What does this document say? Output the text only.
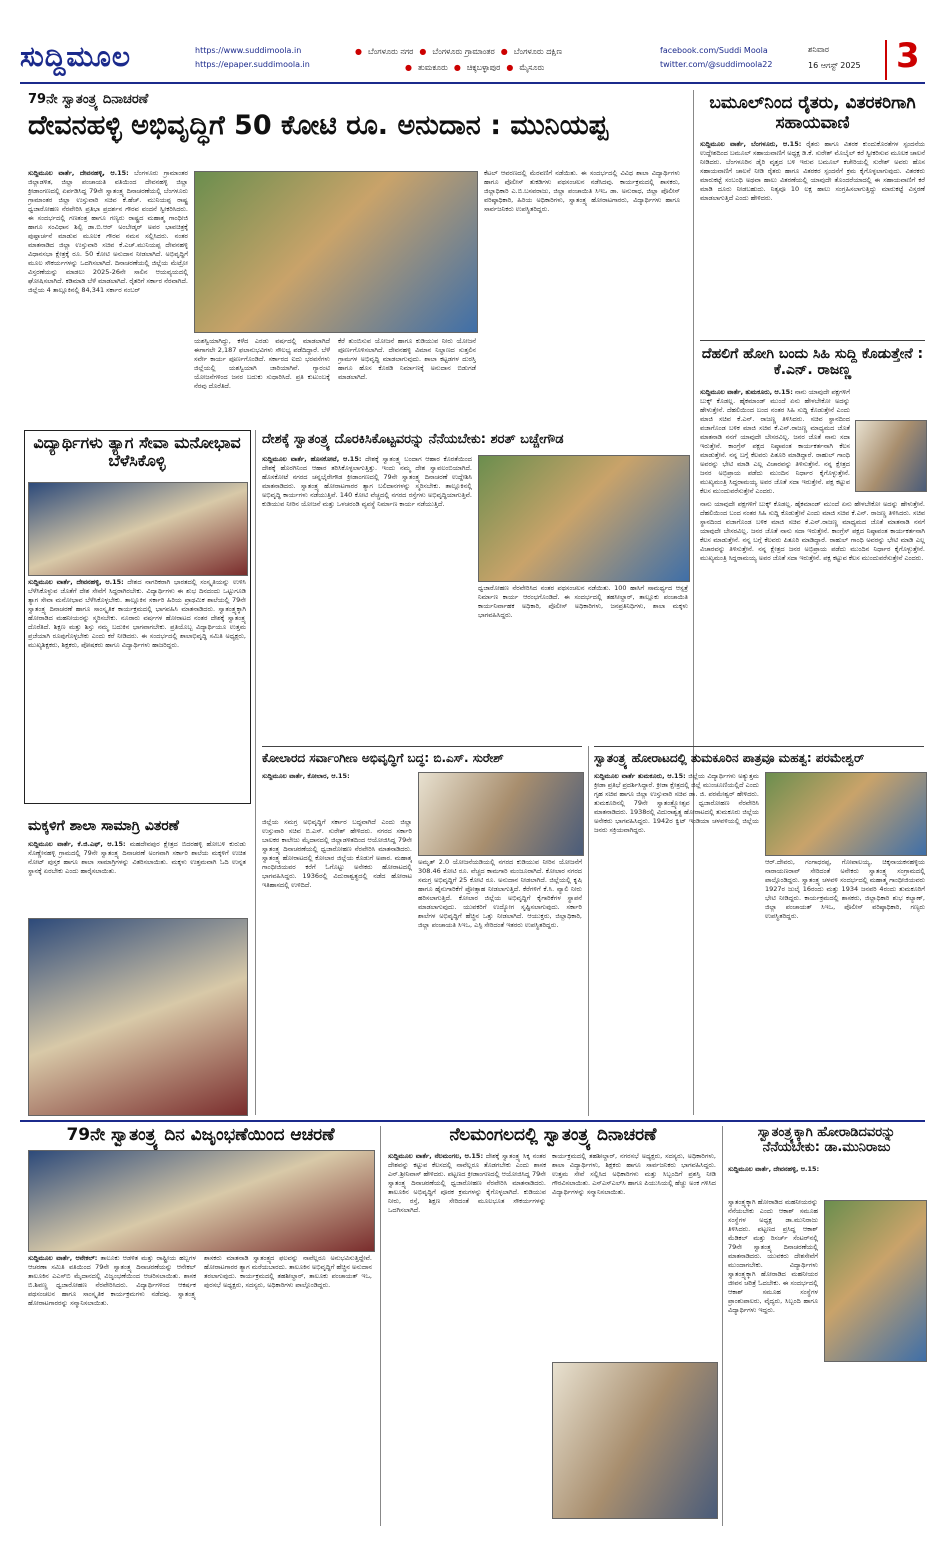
ಸುದ್ದಿಮೂಲ	https://www.suddimoola.in
https://epaper.suddimoola.in
● ಬೆಂಗಳೂರು ನಗರ ● ಬೆಂಗಳೂರು ಗ್ರಾಮಾಂತರ ● ಬೆಂಗಳೂರು ದಕ್ಷಿಣ
● ತುಮಕೂರು ● ಚಿಕ್ಕಬಳ್ಳಾಪುರ ● ಮೈಸೂರು
facebook.com/Suddi Moola
twitter.com/@suddimoola22
ಶನಿವಾರ
16 ಆಗಸ್ಟ್ 2025 3
79ನೇ ಸ್ವಾತಂತ್ರ್ಯ ದಿನಾಚರಣೆ
ದೇವನಹಳ್ಳಿ ಅಭಿವೃದ್ಧಿಗೆ 50 ಕೋಟಿ ರೂ. ಅನುದಾನ : ಮುನಿಯಪ್ಪ
ಸುದ್ದಿಮೂಲ ವಾರ್ತೆ, ದೇವನಹಳ್ಳಿ, ಆ.15: ಬೆಂಗಳೂರು ಗ್ರಾಮಾಂತರ ಜಿಲ್ಲಾಡಳಿತ, ಜಿಲ್ಲಾ ಪಂಚಾಯತಿ ವತಿಯಿಂದ ದೇವನಹಳ್ಳಿ ಜಿಲ್ಲಾ ಕ್ರೀಡಾಂಗಣದಲ್ಲಿ ಏರ್ಪಡಿಸಿದ್ದ 79ನೇ ಸ್ವಾತಂತ್ರ್ಯ ದಿನಾಚರಣೆಯಲ್ಲಿ ಬೆಂಗಳೂರು ಗ್ರಾಮಾಂತರ ಜಿಲ್ಲಾ ಉಸ್ತುವಾರಿ ಸಚಿವ ಕೆ.ಹೆಚ್. ಮುನಿಯಪ್ಪ ರಾಷ್ಟ್ರ ಧ್ವಜಾರೋಹಣ ನೆರವೇರಿಸಿ ಪ್ರತಿಭಾ ಪ್ರದರ್ಶನ ಗೌರವ ವಂದನೆ ಸ್ವೀಕರಿಸಿದರು. ಈ ಸಂದರ್ಭದಲ್ಲಿ ಗಣತಂತ್ರ ಹಾಗೂ ಗಣ್ಯರು ರಾಷ್ಟ್ರದ ಮಹಾತ್ಮ ಗಾಂಧೀಜಿ ಹಾಗೂ ಸಂವಿಧಾನ ಶಿಲ್ಪಿ ಡಾ.ಬಿ.ಆರ್ ಅಂಬೇಡ್ಕರ್ ಅವರ ಭಾವಚಿತ್ರಕ್ಕೆ ಪುಷ್ಪಾರ್ಚನೆ ಮಾಡುವ ಮೂಲಕ ಗೌರವ ನಮನ ಸಲ್ಲಿಸಿದರು. ನಂತರ ಮಾತನಾಡಿದ ಜಿಲ್ಲಾ ಉಸ್ತುವಾರಿ ಸಚಿವ ಕೆ.ಎಚ್.ಮುನಿಯಪ್ಪ ದೇವನಹಳ್ಳಿ ವಿಧಾನಸಭಾ ಕ್ಷೇತ್ರಕ್ಕೆ ರೂ. 50 ಕೋಟಿ ಅನುದಾನ ನೀಡಲಾಗಿದೆ. ಅಭಿವೃದ್ಧಿಗೆ ಮೂಲ ಸೌಕರ್ಯಗಳನ್ನು ಒದಗಿಸಲಾಗಿದೆ. ದಿನಾಚರಣೆಯಲ್ಲಿ ಜಿಲ್ಲೆಯ ಮೆಟ್ರೋ ವಿಸ್ತರಣೆಯನ್ನು ಮಾಡಲು 2025-26ನೇ ಸಾಲಿನ ಆಯವ್ಯಯದಲ್ಲಿ ಘೋಷಿಸಲಾಗಿದೆ. ಕಡಿಮಾಡಿ ಬೆಳೆ ಮಾಡಲಾಗಿದೆ. ರೈತರಿಗೆ ಸರ್ಕಾರ ನೆರವಾಗಿದೆ. ಜಿಲ್ಲೆಯ 4 ತಾಲ್ಲೂಕಿನಲ್ಲಿ 84,341 ಸರ್ಕಾರ ನಂಬರ್
ಯಶಸ್ವಿಯಾಗಿದ್ದು, ಕಳೆದ ಎರಡು ವರ್ಷದಲ್ಲಿ ಮಾಡಲಾಗಿದೆ ಈಗಾಗಲೇ 2,187 ಫಲಾನುಭವಿಗಳು ಸೌಲಭ್ಯ ಪಡೆದಿದ್ದಾರೆ. ಬೆಳೆ ಸರ್ವೇ ಕಾರ್ಯ ಪೂರ್ಣಗೊಂಡಿದೆ. ಸರ್ಕಾರದ ಐದು ಭರವಸೆಗಳು ಜಿಲ್ಲೆಯಲ್ಲಿ ಯಶಸ್ವಿಯಾಗಿ ಜಾರಿಯಾಗಿವೆ. ಗ್ಯಾರಂಟಿ ಯೋಜನೆಗಳಿಂದ ಜನರ ಬದುಕು ಸುಧಾರಿಸಿದೆ. ಪ್ರತಿ ಕುಟುಂಬಕ್ಕೆ ನೆರವು ದೊರೆತಿದೆ.
ಕೆರೆ ತುಂಬಿಸುವ ಯೋಜನೆ ಹಾಗೂ ಕುಡಿಯುವ ನೀರು ಯೋಜನೆ ಪೂರ್ಣಗೊಳಿಸಲಾಗಿದೆ. ದೇವನಹಳ್ಳಿ ವಿಮಾನ ನಿಲ್ದಾಣದ ಸುತ್ತಲಿನ ಗ್ರಾಮಗಳ ಅಭಿವೃದ್ಧಿ ಮಾಡಲಾಗುವುದು. ಶಾಲಾ ಕಟ್ಟಡಗಳ ದುರಸ್ತಿ ಹಾಗೂ ಹೊಸ ಕೊಠಡಿ ನಿರ್ಮಾಣಕ್ಕೆ ಅನುದಾನ ಬಿಡುಗಡೆ ಮಾಡಲಾಗಿದೆ.
ಕೆಟಲ್ ಆವರಣದಲ್ಲಿ ಮೆರವಣಿಗೆ ನಡೆಯಿತು. ಈ ಸಂದರ್ಭದಲ್ಲಿ ವಿವಿಧ ಶಾಲಾ ವಿದ್ಯಾರ್ಥಿಗಳು ಹಾಗೂ ಪೊಲೀಸ್ ತುಕಡಿಗಳು ಪಥಸಂಚಲನ ನಡೆಸಿದವು. ಕಾರ್ಯಕ್ರಮದಲ್ಲಿ ಶಾಸಕರು, ಜಿಲ್ಲಾಧಿಕಾರಿ ಎ.ಬಿ.ಬಸವರಾಜು, ಜಿಲ್ಲಾ ಪಂಚಾಯಿತಿ ಸಿಇಒ ಡಾ. ಅನುರಾಧ, ಜಿಲ್ಲಾ ಪೊಲೀಸ್ ವರಿಷ್ಠಾಧಿಕಾರಿ, ಹಿರಿಯ ಅಧಿಕಾರಿಗಳು, ಸ್ವಾತಂತ್ರ್ಯ ಹೋರಾಟಗಾರರು, ವಿದ್ಯಾರ್ಥಿಗಳು ಹಾಗೂ ಸಾರ್ವಜನಿಕರು ಉಪಸ್ಥಿತರಿದ್ದರು.
ಬಮೂಲ್‌ನಿಂದ ರೈತರು, ವಿತರಕರಿಗಾಗಿ ಸಹಾಯವಾಣಿ
ಸುದ್ದಿಮೂಲ ವಾರ್ತೆ, ಬೆಂಗಳೂರು, ಆ.15: ರೈತರು ಹಾಗೂ ವಿತರಕ ಕುಂದುಕೊರತೆಗಳ ಸ್ಪಂದನೆಯ ಉದ್ದೇಶದಿಂದ ಬಮೂಲ್ ಸಹಾಯವಾಣಿಗೆ ಅಧ್ಯಕ್ಷ ಡಿ.ಕೆ. ಸುರೇಶ್ ಮೊಬೈಲ್ ಕರೆ ಸ್ವೀಕರಿಸುವ ಮೂಲಕ ಚಾಲನೆ ನೀಡಿದರು. ಬೆಂಗಳೂರಿನ ಡೈರಿ ವೃತ್ತದ ಬಳಿ ಇರುವ ಬಮೂಲ್ ಕಚೇರಿಯಲ್ಲಿ ಸುರೇಶ್ ಅವರು ಹೊಸ ಸಹಾಯವಾಣಿಗೆ ಚಾಲನೆ ನೀಡಿ ರೈತರು ಹಾಗೂ ವಿತರಕರ ಸ್ಪಂದನೆಗೆ ಕ್ರಮ ಕೈಗೊಳ್ಳಲಾಗುವುದು. ವಿತರಕರು ಮಾರುಕಟ್ಟೆ ಸಂಬಂಧಿ ಅಥವಾ ಹಾಲು ವಿತರಣೆಯಲ್ಲಿ ಯಾವುದೇ ತೊಂದರೆಯಾದಲ್ಲಿ ಈ ಸಹಾಯವಾಣಿಗೆ ಕರೆ ಮಾಡಿ ದೂರು ನೀಡಬಹುದು. ನಿತ್ಯವೂ 10 ಲಕ್ಷ ಹಾಲು ಸಂಗ್ರಹಿಸಲಾಗುತ್ತಿದ್ದು ಮಾರುಕಟ್ಟೆ ವಿಸ್ತರಣೆ ಮಾಡಲಾಗುತ್ತಿದೆ ಎಂದು ಹೇಳಿದರು.
ದೆಹಲಿಗೆ ಹೋಗಿ ಬಂದು ಸಿಹಿ ಸುದ್ದಿ ಕೊಡುತ್ತೇನೆ : ಕೆ.ಎನ್. ರಾಜಣ್ಣ
ಸುದ್ದಿಮೂಲ ವಾರ್ತೆ, ತುಮಕೂರು, ಆ.15: ನಾನು ಯಾವುದೇ ಪಕ್ಷಗಳಿಗೆ ಬುಕ್ಕ್ ಕೊಡಲ್ಲ. ಹೈಕಮಾಂಡ್ ಮುಂದೆ ಏನು ಹೇಳಬೇಕೋ ಅದನ್ನು ಹೇಳುತ್ತೇನೆ. ದೆಹಲಿಯಿಂದ ಬಂದ ನಂತರ ಸಿಹಿ ಸುದ್ದಿ ಕೊಡುತ್ತೇನೆ ಎಂದು ಮಾಜಿ ಸಚಿವ ಕೆ.ಎನ್. ರಾಜಣ್ಣ ತಿಳಿಸಿದರು. ಸಚಿವ ಸ್ಥಾನದಿಂದ ವಜಾಗೊಂಡ ಬಳಿಕ ಮಾಜಿ ಸಚಿವ ಕೆ.ಎನ್.ರಾಜಣ್ಣ ಮಾಧ್ಯಮದ ಜೊತೆ ಮಾತನಾಡಿ ನನಗೆ ಯಾವುದೇ ಬೇಸರವಿಲ್ಲ. ಜನರ ಜೊತೆ ನಾನು ಸದಾ ಇರುತ್ತೇನೆ. ಕಾಂಗ್ರೆಸ್ ಪಕ್ಷದ ನಿಷ್ಠಾವಂತ ಕಾರ್ಯಕರ್ತನಾಗಿ ಕೆಲಸ ಮಾಡುತ್ತೇನೆ. ನನ್ನ ಬಗ್ಗೆ ಕೆಲವರು ಪಿತೂರಿ ಮಾಡಿದ್ದಾರೆ. ರಾಹುಲ್ ಗಾಂಧಿ ಅವರನ್ನು ಭೇಟಿ ಮಾಡಿ ಎಲ್ಲ ವಿಚಾರವನ್ನು ತಿಳಿಸುತ್ತೇನೆ. ನನ್ನ ಕ್ಷೇತ್ರದ ಜನರ ಅಭಿಪ್ರಾಯ ಪಡೆದು ಮುಂದಿನ ನಿರ್ಧಾರ ಕೈಗೊಳ್ಳುತ್ತೇನೆ. ಮುಖ್ಯಮಂತ್ರಿ ಸಿದ್ದರಾಮಯ್ಯ ಅವರ ಜೊತೆ ಸದಾ ಇರುತ್ತೇನೆ. ಪಕ್ಷ ಕಟ್ಟುವ ಕೆಲಸ ಮುಂದುವರೆಸುತ್ತೇನೆ ಎಂದರು.
ನಾನು ಯಾವುದೇ ಪಕ್ಷಗಳಿಗೆ ಬುಕ್ಕ್ ಕೊಡಲ್ಲ. ಹೈಕಮಾಂಡ್ ಮುಂದೆ ಏನು ಹೇಳಬೇಕೋ ಅದನ್ನು ಹೇಳುತ್ತೇನೆ. ದೆಹಲಿಯಿಂದ ಬಂದ ನಂತರ ಸಿಹಿ ಸುದ್ದಿ ಕೊಡುತ್ತೇನೆ ಎಂದು ಮಾಜಿ ಸಚಿವ ಕೆ.ಎನ್. ರಾಜಣ್ಣ ತಿಳಿಸಿದರು. ಸಚಿವ ಸ್ಥಾನದಿಂದ ವಜಾಗೊಂಡ ಬಳಿಕ ಮಾಜಿ ಸಚಿವ ಕೆ.ಎನ್.ರಾಜಣ್ಣ ಮಾಧ್ಯಮದ ಜೊತೆ ಮಾತನಾಡಿ ನನಗೆ ಯಾವುದೇ ಬೇಸರವಿಲ್ಲ. ಜನರ ಜೊತೆ ನಾನು ಸದಾ ಇರುತ್ತೇನೆ. ಕಾಂಗ್ರೆಸ್ ಪಕ್ಷದ ನಿಷ್ಠಾವಂತ ಕಾರ್ಯಕರ್ತನಾಗಿ ಕೆಲಸ ಮಾಡುತ್ತೇನೆ. ನನ್ನ ಬಗ್ಗೆ ಕೆಲವರು ಪಿತೂರಿ ಮಾಡಿದ್ದಾರೆ. ರಾಹುಲ್ ಗಾಂಧಿ ಅವರನ್ನು ಭೇಟಿ ಮಾಡಿ ಎಲ್ಲ ವಿಚಾರವನ್ನು ತಿಳಿಸುತ್ತೇನೆ. ನನ್ನ ಕ್ಷೇತ್ರದ ಜನರ ಅಭಿಪ್ರಾಯ ಪಡೆದು ಮುಂದಿನ ನಿರ್ಧಾರ ಕೈಗೊಳ್ಳುತ್ತೇನೆ. ಮುಖ್ಯಮಂತ್ರಿ ಸಿದ್ದರಾಮಯ್ಯ ಅವರ ಜೊತೆ ಸದಾ ಇರುತ್ತೇನೆ. ಪಕ್ಷ ಕಟ್ಟುವ ಕೆಲಸ ಮುಂದುವರೆಸುತ್ತೇನೆ ಎಂದರು.
ವಿದ್ಯಾರ್ಥಿಗಳು ತ್ಯಾಗ ಸೇವಾ ಮನೋಭಾವ ಬೆಳೆಸಿಕೊಳ್ಳಿ
ಸುದ್ದಿಮೂಲ ವಾರ್ತೆ, ದೇವನಹಳ್ಳಿ, ಆ.15: ದೇಶದ ನಾಗರಿಕರಾಗಿ ಭಾರತದಲ್ಲಿ ಸಂಸ್ಕೃತಿಯನ್ನು ಉಳಿಸಿ ಬೆಳೆಸಿಕೊಳ್ಳುವ ಜೊತೆಗೆ ದೇಶ ಸೇವೆಗೆ ಸಿದ್ಧರಾಗಿರಬೇಕು. ವಿದ್ಯಾರ್ಥಿಗಳು ಈ ಶುಭ ದಿನದಂದು ಒಟ್ಟುಗೂಡಿ ತ್ಯಾಗ ಸೇವಾ ಮನೋಭಾವ ಬೆಳೆಸಿಕೊಳ್ಳಬೇಕು. ತಾಲ್ಲೂಕಿನ ಸರ್ಕಾರಿ ಹಿರಿಯ ಪ್ರಾಥಮಿಕ ಶಾಲೆಯಲ್ಲಿ 79ನೇ ಸ್ವಾತಂತ್ರ್ಯ ದಿನಾಚರಣೆ ಹಾಗೂ ಸಾಂಸ್ಕೃತಿಕ ಕಾರ್ಯಕ್ರಮದಲ್ಲಿ ಭಾಗವಹಿಸಿ ಮಾತನಾಡಿದರು. ಸ್ವಾತಂತ್ರ್ಯಕ್ಕಾಗಿ ಹೋರಾಡಿದ ಮಹನೀಯರನ್ನು ಸ್ಮರಿಸಬೇಕು. ನೂರಾರು ವರ್ಷಗಳ ಹೋರಾಟದ ನಂತರ ದೇಶಕ್ಕೆ ಸ್ವಾತಂತ್ರ್ಯ ದೊರೆತಿದೆ. ಶಿಕ್ಷಣ ಮತ್ತು ಶಿಸ್ತು ನಮ್ಮ ಬದುಕಿನ ಭಾಗವಾಗಬೇಕು. ಪ್ರತಿಯೊಬ್ಬ ವಿದ್ಯಾರ್ಥಿಯೂ ಉತ್ತಮ ಪ್ರಜೆಯಾಗಿ ರೂಪುಗೊಳ್ಳಬೇಕು ಎಂದು ಕರೆ ನೀಡಿದರು. ಈ ಸಂದರ್ಭದಲ್ಲಿ ಶಾಲಾಭಿವೃದ್ಧಿ ಸಮಿತಿ ಅಧ್ಯಕ್ಷರು, ಮುಖ್ಯಶಿಕ್ಷಕರು, ಶಿಕ್ಷಕರು, ಪೋಷಕರು ಹಾಗೂ ವಿದ್ಯಾರ್ಥಿಗಳು ಹಾಜರಿದ್ದರು.
ಮಕ್ಕಳಿಗೆ ಶಾಲಾ ಸಾಮಾಗ್ರಿ ವಿತರಣೆ
ಸುದ್ದಿಮೂಲ ವಾರ್ತೆ, ಕೆ.ಜಿ.ಎಫ್, ಆ.15: ಮಹದೇವಪುರ ಕ್ಷೇತ್ರದ ಬಿದರಹಳ್ಳಿ ಹೋಬಳಿ ಕುರುಡು ಸೊಣ್ಣೇನಹಳ್ಳಿ ಗ್ರಾಮದಲ್ಲಿ 79ನೇ ಸ್ವಾತಂತ್ರ್ಯ ದಿನಾಚರಣೆ ಅಂಗವಾಗಿ ಸರ್ಕಾರಿ ಶಾಲೆಯ ಮಕ್ಕಳಿಗೆ ಉಚಿತ ನೋಟ್ ಪುಸ್ತಕ ಹಾಗೂ ಶಾಲಾ ಸಾಮಾಗ್ರಿಗಳನ್ನು ವಿತರಿಸಲಾಯಿತು. ಮಕ್ಕಳು ಉತ್ತಮವಾಗಿ ಓದಿ ಉನ್ನತ ಸ್ಥಾನಕ್ಕೆ ಏರಬೇಕು ಎಂದು ಹಾರೈಸಲಾಯಿತು.
ದೇಶಕ್ಕೆ ಸ್ವಾತಂತ್ರ್ಯ ದೊರಕಿಸಿಕೊಟ್ಟವರನ್ನು ನೆನೆಯಬೇಕು: ಶರತ್ ಬಚ್ಚೇಗೌಡ
ಸುದ್ದಿಮೂಲ ವಾರ್ತೆ, ಹೊಸಕೋಟೆ, ಆ.15: ದೇಶಕ್ಕೆ ಸ್ವಾತಂತ್ರ್ಯ ಬಂದಾಗ ಆಹಾರ ಕೊರತೆಯಿಂದ ದೇಶಕ್ಕೆ ಹೊರಗಿನಿಂದ ಆಹಾರ ತರಿಸಿಕೊಳ್ಳಲಾಗುತ್ತಿತ್ತು. ಇಂದು ನಮ್ಮ ದೇಶ ಸ್ವಾವಲಂಬಿಯಾಗಿದೆ. ಹೊಸಕೋಟೆ ನಗರದ ಚನ್ನಭೈರೇಗೌಡ ಕ್ರೀಡಾಂಗಣದಲ್ಲಿ 79ನೇ ಸ್ವಾತಂತ್ರ್ಯ ದಿನಾಚರಣೆ ಉದ್ದೇಶಿಸಿ ಮಾತನಾಡಿದರು. ಸ್ವಾತಂತ್ರ್ಯ ಹೋರಾಟಗಾರರ ತ್ಯಾಗ ಬಲಿದಾನಗಳನ್ನು ಸ್ಮರಿಸಬೇಕು. ತಾಲ್ಲೂಕಿನಲ್ಲಿ ಅಭಿವೃದ್ಧಿ ಕಾರ್ಯಗಳು ನಡೆಯುತ್ತಿವೆ. 140 ಕೋಟಿ ವೆಚ್ಚದಲ್ಲಿ ನಗರದ ರಸ್ತೆಗಳು ಅಭಿವೃದ್ಧಿಯಾಗುತ್ತಿವೆ. ಕುಡಿಯುವ ನೀರಿನ ಯೋಜನೆ ಮತ್ತು ಒಳಚರಂಡಿ ವ್ಯವಸ್ಥೆ ನಿರ್ಮಾಣ ಕಾರ್ಯ ನಡೆಯುತ್ತಿದೆ.
ಧ್ವಜಾರೋಹಣ ನೆರವೇರಿಸಿದ ನಂತರ ಪಥಸಂಚಲನ ನಡೆಯಿತು. 100 ಹಾಸಿಗೆ ಸಾಮರ್ಥ್ಯದ ಆಸ್ಪತ್ರೆ ನಿರ್ಮಾಣ ಕಾರ್ಯ ಆರಂಭಗೊಂಡಿದೆ. ಈ ಸಂದರ್ಭದಲ್ಲಿ ತಹಸೀಲ್ದಾರ್, ತಾಲ್ಲೂಕು ಪಂಚಾಯಿತಿ ಕಾರ್ಯನಿರ್ವಾಹಕ ಅಧಿಕಾರಿ, ಪೊಲೀಸ್ ಅಧಿಕಾರಿಗಳು, ಜನಪ್ರತಿನಿಧಿಗಳು, ಶಾಲಾ ಮಕ್ಕಳು ಭಾಗವಹಿಸಿದ್ದರು.
ಕೋಲಾರದ ಸರ್ವಾಂಗೀಣ ಅಭಿವೃದ್ಧಿಗೆ ಬದ್ಧ: ಬಿ.ಎಸ್. ಸುರೇಶ್
ಸುದ್ದಿಮೂಲ ವಾರ್ತೆ, ಕೋಲಾರ, ಆ.15:
ಜಿಲ್ಲೆಯ ಸಮಗ್ರ ಅಭಿವೃದ್ಧಿಗೆ ಸರ್ಕಾರ ಬದ್ಧವಾಗಿದೆ ಎಂದು ಜಿಲ್ಲಾ ಉಸ್ತುವಾರಿ ಸಚಿವ ಬಿ.ಎಸ್. ಸುರೇಶ್ ಹೇಳಿದರು. ನಗರದ ಸರ್ಕಾರಿ ಬಾಲಕರ ಕಾಲೇಜು ಮೈದಾನದಲ್ಲಿ ಜಿಲ್ಲಾಡಳಿತದಿಂದ ಆಯೋಜಿಸಿದ್ದ 79ನೇ ಸ್ವಾತಂತ್ರ್ಯ ದಿನಾಚರಣೆಯಲ್ಲಿ ಧ್ವಜಾರೋಹಣ ನೆರವೇರಿಸಿ ಮಾತನಾಡಿದರು. ಸ್ವಾತಂತ್ರ್ಯ ಹೋರಾಟದಲ್ಲಿ ಕೋಲಾರ ಜಿಲ್ಲೆಯ ಕೊಡುಗೆ ಅಪಾರ. ಮಹಾತ್ಮ ಗಾಂಧೀಜಿಯವರ ಕರೆಗೆ ಓಗೊಟ್ಟು ಅನೇಕರು ಹೋರಾಟದಲ್ಲಿ ಭಾಗವಹಿಸಿದ್ದರು. 1936ರಲ್ಲಿ ವಿದುರಾಶ್ವತ್ಥದಲ್ಲಿ ನಡೆದ ಹೋರಾಟ ಇತಿಹಾಸದಲ್ಲಿ ಉಳಿದಿದೆ.
ಅಮೃತ್ 2.0 ಯೋಜನೆಯಡಿಯಲ್ಲಿ ನಗರದ ಕುಡಿಯುವ ನೀರಿನ ಯೋಜನೆಗೆ 308.46 ಕೋಟಿ ರೂ. ವೆಚ್ಚದ ಕಾಮಗಾರಿ ಮಂಜೂರಾಗಿದೆ. ಕೋಲಾರ ನಗರದ ಸಮಗ್ರ ಅಭಿವೃದ್ಧಿಗೆ 25 ಕೋಟಿ ರೂ. ಅನುದಾನ ನೀಡಲಾಗಿದೆ. ಜಿಲ್ಲೆಯಲ್ಲಿ ಕೃಷಿ ಹಾಗೂ ಹೈನುಗಾರಿಕೆಗೆ ಪ್ರೋತ್ಸಾಹ ನೀಡಲಾಗುತ್ತಿದೆ. ಕೆರೆಗಳಿಗೆ ಕೆ.ಸಿ. ವ್ಯಾಲಿ ನೀರು ಹರಿಸಲಾಗುತ್ತಿದೆ. ಕೋಲಾರ ಜಿಲ್ಲೆಯ ಅಭಿವೃದ್ಧಿಗೆ ಕೈಗಾರಿಕೆಗಳ ಸ್ಥಾಪನೆ ಮಾಡಲಾಗುವುದು. ಯುವಕರಿಗೆ ಉದ್ಯೋಗ ಸೃಷ್ಟಿಸಲಾಗುವುದು. ಸರ್ಕಾರಿ ಶಾಲೆಗಳ ಅಭಿವೃದ್ಧಿಗೆ ಹೆಚ್ಚಿನ ಒತ್ತು ನೀಡಲಾಗಿದೆ. ಆಯುಕ್ತರು, ಜಿಲ್ಲಾಧಿಕಾರಿ, ಜಿಲ್ಲಾ ಪಂಚಾಯತಿ ಸಿಇಒ, ಎಸ್ಪಿ ಸೇರಿದಂತೆ ಇತರರು ಉಪಸ್ಥಿತರಿದ್ದರು.
ಸ್ವಾತಂತ್ರ್ಯ ಹೋರಾಟದಲ್ಲಿ ತುಮಕೂರಿನ ಪಾತ್ರವೂ ಮಹತ್ವ: ಪರಮೇಶ್ವರ್
ಸುದ್ದಿಮೂಲ ವಾರ್ತೆ ತುಮಕೂರು, ಆ.15: ಜಿಲ್ಲೆಯ ವಿದ್ಯಾರ್ಥಿಗಳು ಅತ್ಯುತ್ತಮ ಕ್ರೀಡಾ ಪ್ರತಿಭೆ ಪ್ರದರ್ಶಿಸಿದ್ದಾರೆ. ಕ್ರೀಡಾ ಕ್ಷೇತ್ರದಲ್ಲಿ ಜಿಲ್ಲೆ ಮುಂಚೂಣಿಯಲ್ಲಿದೆ ಎಂದು ಗೃಹ ಸಚಿವ ಹಾಗೂ ಜಿಲ್ಲಾ ಉಸ್ತುವಾರಿ ಸಚಿವ ಡಾ. ಜಿ. ಪರಮೇಶ್ವರ್ ಹೇಳಿದರು. ತುಮಕೂರಿನಲ್ಲಿ 79ನೇ ಸ್ವಾತಂತ್ರ್ಯೋತ್ಸವ ಧ್ವಜಾರೋಹಣ ನೆರವೇರಿಸಿ ಮಾತನಾಡಿದರು. 1938ರಲ್ಲಿ ವಿದುರಾಶ್ವತ್ಥ ಹೋರಾಟದಲ್ಲಿ ತುಮಕೂರು ಜಿಲ್ಲೆಯ ಅನೇಕರು ಭಾಗವಹಿಸಿದ್ದರು. 1942ರ ಕ್ವಿಟ್ ಇಂಡಿಯಾ ಚಳವಳಿಯಲ್ಲಿ ಜಿಲ್ಲೆಯ ಜನರು ಸಕ್ರಿಯವಾಗಿದ್ದರು.
ಆರ್.ದೇವರು, ಗಂಗಾಧರಪ್ಪ, ಗೋಪಾಲಯ್ಯ, ಚಿಕ್ಕನಾಯಕನಹಳ್ಳಿಯ ನಾರಾಯಣರಾವ್ ಸೇರಿದಂತೆ ಅನೇಕರು ಸ್ವಾತಂತ್ರ್ಯ ಸಂಗ್ರಾಮದಲ್ಲಿ ಪಾಲ್ಗೊಂಡಿದ್ದರು. ಸ್ವಾತಂತ್ರ್ಯ ಚಳವಳಿ ಸಂದರ್ಭದಲ್ಲಿ ಮಹಾತ್ಮ ಗಾಂಧೀಜಿಯವರು 1927ರ ಜುಲೈ 16ರಂದು ಮತ್ತು 1934 ಜನವರಿ 4ರಂದು ತುಮಕೂರಿಗೆ ಭೇಟಿ ನೀಡಿದ್ದರು. ಕಾರ್ಯಕ್ರಮದಲ್ಲಿ ಶಾಸಕರು, ಜಿಲ್ಲಾಧಿಕಾರಿ ಶುಭ ಕಲ್ಯಾಣ್, ಜಿಲ್ಲಾ ಪಂಚಾಯತ್ ಸಿಇಒ, ಪೊಲೀಸ್ ವರಿಷ್ಠಾಧಿಕಾರಿ, ಗಣ್ಯರು ಉಪಸ್ಥಿತರಿದ್ದರು.
79ನೇ ಸ್ವಾತಂತ್ರ್ಯ ದಿನ ವಿಜೃಂಭಣೆಯಿಂದ ಆಚರಣೆ
ಸುದ್ದಿಮೂಲ ವಾರ್ತೆ, ಆನೇಕಲ್: ತಾಲೂಕು ಆಡಳಿತ ಮತ್ತು ರಾಷ್ಟ್ರೀಯ ಹಬ್ಬಗಳ ಆಚರಣಾ ಸಮಿತಿ ವತಿಯಿಂದ 79ನೇ ಸ್ವಾತಂತ್ರ್ಯ ದಿನಾಚರಣೆಯನ್ನು ಆನೇಕಲ್ ತಾಲೂಕಿನ ಎಎಸ್‌ಬಿ ಮೈದಾನದಲ್ಲಿ ವಿಜೃಂಭಣೆಯಿಂದ ಆಚರಿಸಲಾಯಿತು. ಶಾಸಕ ಬಿ.ಶಿವಣ್ಣ ಧ್ವಜಾರೋಹಣ ನೆರವೇರಿಸಿದರು. ವಿದ್ಯಾರ್ಥಿಗಳಿಂದ ಆಕರ್ಷಕ ಪಥಸಂಚಲನ ಹಾಗೂ ಸಾಂಸ್ಕೃತಿಕ ಕಾರ್ಯಕ್ರಮಗಳು ನಡೆದವು. ಸ್ವಾತಂತ್ರ್ಯ ಹೋರಾಟಗಾರರನ್ನು ಸನ್ಮಾನಿಸಲಾಯಿತು.
ಶಾಸಕರು ಮಾತನಾಡಿ ಸ್ವಾತಂತ್ರ್ಯದ ಫಲವನ್ನು ನಾವೆಲ್ಲರೂ ಅನುಭವಿಸುತ್ತಿದ್ದೇವೆ. ಹೋರಾಟಗಾರರ ತ್ಯಾಗ ಮರೆಯಬಾರದು. ತಾಲೂಕಿನ ಅಭಿವೃದ್ಧಿಗೆ ಹೆಚ್ಚಿನ ಅನುದಾನ ತರಲಾಗುವುದು. ಕಾರ್ಯಕ್ರಮದಲ್ಲಿ ತಹಶೀಲ್ದಾರ್, ತಾಲೂಕು ಪಂಚಾಯತ್ ಇಒ, ಪುರಸಭೆ ಅಧ್ಯಕ್ಷರು, ಸದಸ್ಯರು, ಅಧಿಕಾರಿಗಳು ಪಾಲ್ಗೊಂಡಿದ್ದರು.
ನೆಲಮಂಗಲದಲ್ಲಿ ಸ್ವಾತಂತ್ರ್ಯ ದಿನಾಚರಣೆ
ಸುದ್ದಿಮೂಲ ವಾರ್ತೆ, ನೆಲಮಂಗಲ, ಆ.15: ದೇಶಕ್ಕೆ ಸ್ವಾತಂತ್ರ್ಯ ಸಿಕ್ಕ ನಂತರ ದೇಶವನ್ನು ಕಟ್ಟುವ ಕೆಲಸದಲ್ಲಿ ನಾವೆಲ್ಲರೂ ತೊಡಗಬೇಕು ಎಂದು ಶಾಸಕ ಎನ್.ಶ್ರೀನಿವಾಸ್ ಹೇಳಿದರು. ಪಟ್ಟಣದ ಕ್ರೀಡಾಂಗಣದಲ್ಲಿ ಆಯೋಜಿಸಿದ್ದ 79ನೇ ಸ್ವಾತಂತ್ರ್ಯ ದಿನಾಚರಣೆಯಲ್ಲಿ ಧ್ವಜಾರೋಹಣ ನೆರವೇರಿಸಿ ಮಾತನಾಡಿದರು. ತಾಲೂಕಿನ ಅಭಿವೃದ್ಧಿಗೆ ಪೂರಕ ಕ್ರಮಗಳನ್ನು ಕೈಗೊಳ್ಳಲಾಗಿದೆ. ಕುಡಿಯುವ ನೀರು, ರಸ್ತೆ, ಶಿಕ್ಷಣ ಸೇರಿದಂತೆ ಮೂಲಭೂತ ಸೌಕರ್ಯಗಳನ್ನು ಒದಗಿಸಲಾಗಿದೆ.
ಕಾರ್ಯಕ್ರಮದಲ್ಲಿ ತಹಶೀಲ್ದಾರ್, ನಗರಸಭೆ ಅಧ್ಯಕ್ಷರು, ಸದಸ್ಯರು, ಅಧಿಕಾರಿಗಳು, ಶಾಲಾ ವಿದ್ಯಾರ್ಥಿಗಳು, ಶಿಕ್ಷಕರು ಹಾಗೂ ಸಾರ್ವಜನಿಕರು ಭಾಗವಹಿಸಿದ್ದರು. ಉತ್ತಮ ಸೇವೆ ಸಲ್ಲಿಸಿದ ಅಧಿಕಾರಿಗಳು ಮತ್ತು ಸಿಬ್ಬಂದಿಗೆ ಪ್ರಶಸ್ತಿ ನೀಡಿ ಗೌರವಿಸಲಾಯಿತು. ಎಸ್ಎಸ್ಎಲ್‌ಸಿ ಹಾಗೂ ಪಿಯುಸಿಯಲ್ಲಿ ಹೆಚ್ಚು ಅಂಕ ಗಳಿಸಿದ ವಿದ್ಯಾರ್ಥಿಗಳನ್ನು ಸನ್ಮಾನಿಸಲಾಯಿತು.
ಸ್ವಾತಂತ್ರ್ಯಕ್ಕಾಗಿ ಹೋರಾಡಿದವರನ್ನು ನೆನೆಯಬೇಕು: ಡಾ.ಮುನಿರಾಜು
ಸುದ್ದಿಮೂಲ ವಾರ್ತೆ, ದೇವನಹಳ್ಳಿ, ಆ.15:
ಸ್ವಾತಂತ್ರ್ಯಕ್ಕಾಗಿ ಹೋರಾಡಿದ ಮಹನೀಯರನ್ನು ನೆನೆಯಬೇಕು ಎಂದು ಆಕಾಶ್ ಸಮೂಹ ಸಂಸ್ಥೆಗಳ ಅಧ್ಯಕ್ಷ ಡಾ.ಮುನಿರಾಜು ತಿಳಿಸಿದರು. ಪಟ್ಟಣದ ಪ್ರಸಿದ್ಧ ಆಕಾಶ್ ಮೆಡಿಕಲ್ ಮತ್ತು ರಿಸರ್ಚ್ ಸೆಂಟರ್‌ನಲ್ಲಿ 79ನೇ ಸ್ವಾತಂತ್ರ್ಯ ದಿನಾಚರಣೆಯಲ್ಲಿ ಮಾತನಾಡಿದರು. ಯುವಕರು ದೇಶಸೇವೆಗೆ ಮುಂದಾಗಬೇಕು. ವಿದ್ಯಾರ್ಥಿಗಳು ಸ್ವಾತಂತ್ರ್ಯಕ್ಕಾಗಿ ಹೋರಾಡಿದ ಮಹನೀಯರ ಜೀವನ ಚರಿತ್ರೆ ಓದಬೇಕು. ಈ ಸಂದರ್ಭದಲ್ಲಿ ಆಕಾಶ್ ಸಮೂಹ ಸಂಸ್ಥೆಗಳ ಪ್ರಾಂಶುಪಾಲರು, ವೈದ್ಯರು, ಸಿಬ್ಬಂದಿ ಹಾಗೂ ವಿದ್ಯಾರ್ಥಿಗಳು ಇದ್ದರು.
